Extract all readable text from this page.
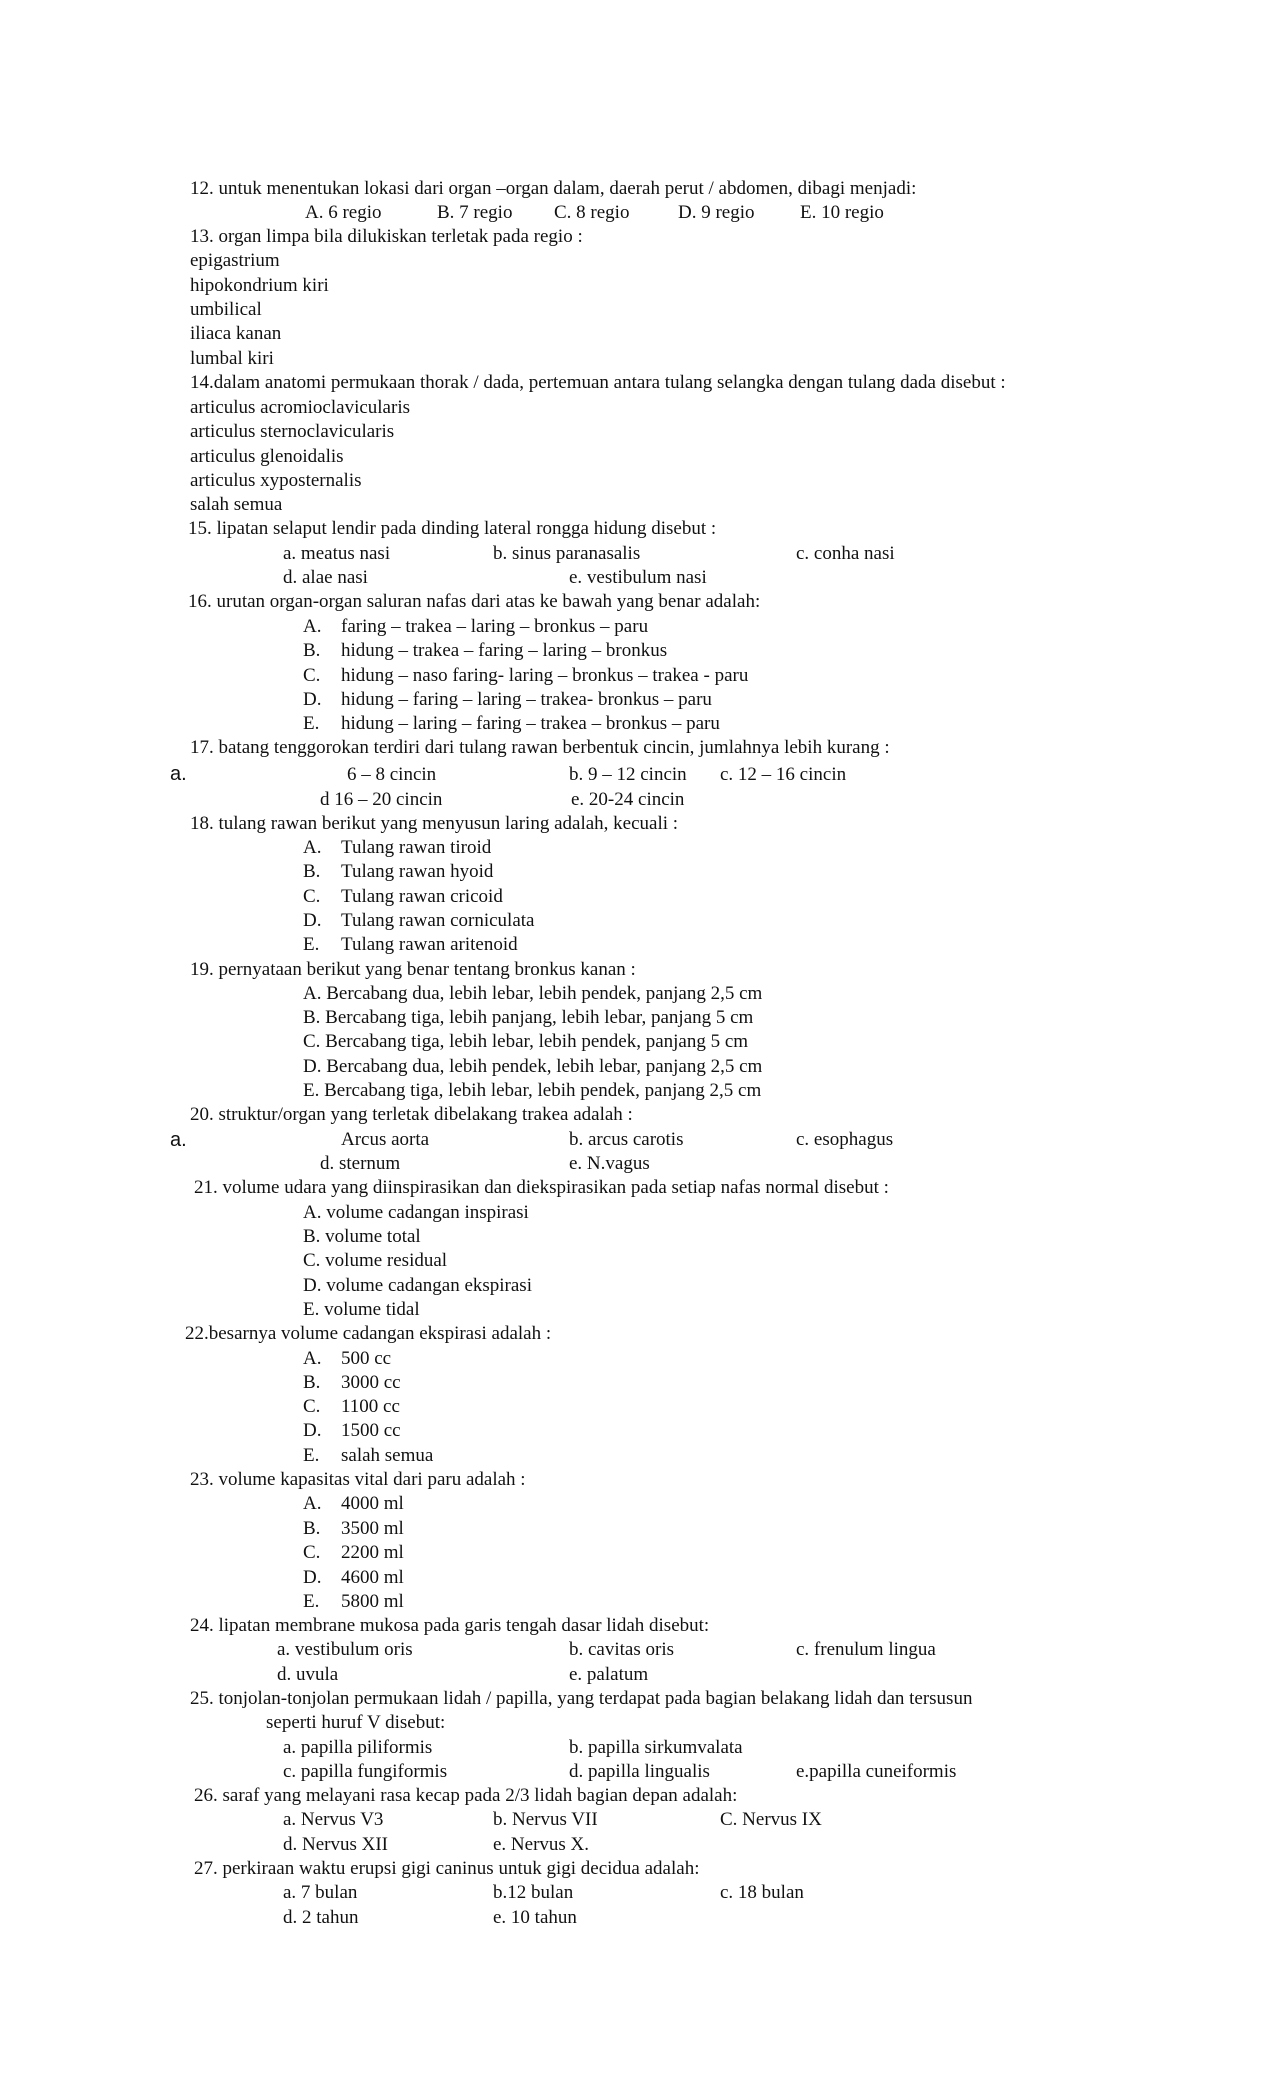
12. untuk menentukan lokasi dari organ –organ dalam, daerah perut / abdomen, dibagi menjadi:
A. 6 regio	B. 7 regio C. 8 regio	D. 9 regio E. 10 regio
13. organ limpa bila dilukiskan terletak pada regio :
epigastrium
hipokondrium kiri
umbilical
iliaca kanan
lumbal kiri
14.dalam anatomi permukaan thorak / dada, pertemuan antara tulang selangka dengan tulang dada disebut :
articulus acromioclavicularis
articulus sternoclavicularis
articulus glenoidalis
articulus xyposternalis
salah semua
15. lipatan selaput lendir pada dinding lateral rongga hidung disebut :
a. meatus nasi	b. sinus paranasalis	c. conha nasi
d. alae nasi	e. vestibulum nasi
16. urutan organ-organ saluran nafas dari atas ke bawah yang benar adalah:
A. faring – trakea – laring – bronkus – paru
B. hidung – trakea – faring – laring – bronkus
C. hidung – naso faring- laring – bronkus – trakea - paru
D. hidung – faring – laring – trakea- bronkus – paru
E. hidung – laring – faring – trakea – bronkus – paru
17. batang tenggorokan terdiri dari tulang rawan berbentuk cincin, jumlahnya lebih kurang :
a.	6 – 8 cincin	b. 9 – 12 cincin c. 12 – 16 cincin
d 16 – 20 cincin	e. 20-24 cincin
18. tulang rawan berikut yang menyusun laring adalah, kecuali :
A. Tulang rawan tiroid
B. Tulang rawan hyoid
C. Tulang rawan cricoid
D. Tulang rawan corniculata
E. Tulang rawan aritenoid
19. pernyataan berikut yang benar tentang bronkus kanan :
A. Bercabang dua, lebih lebar, lebih pendek, panjang 2,5 cm
B. Bercabang tiga, lebih panjang, lebih lebar, panjang 5 cm
C. Bercabang tiga, lebih lebar, lebih pendek, panjang 5 cm
D. Bercabang dua, lebih pendek, lebih lebar, panjang 2,5 cm
E. Bercabang tiga, lebih lebar, lebih pendek, panjang 2,5 cm
20. struktur/organ yang terletak dibelakang trakea adalah :
a.	Arcus aorta	b. arcus carotis	c. esophagus
d. sternum	e. N.vagus
21. volume udara yang diinspirasikan dan diekspirasikan pada setiap nafas normal disebut :
A. volume cadangan inspirasi
B. volume total
C. volume residual
D. volume cadangan ekspirasi
E. volume tidal
22.besarnya volume cadangan ekspirasi adalah :
A. 500 cc
B. 3000 cc
C. 1100 cc
D. 1500 cc
E. salah semua
23. volume kapasitas vital dari paru adalah :
A. 4000 ml
B. 3500 ml
C. 2200 ml
D. 4600 ml
E. 5800 ml
24. lipatan membrane mukosa pada garis tengah dasar lidah disebut:
a. vestibulum oris	b. cavitas oris	c. frenulum lingua
d. uvula	e. palatum
25. tonjolan-tonjolan permukaan lidah / papilla, yang terdapat pada bagian belakang lidah dan tersusun
seperti huruf V disebut:
a. papilla piliformis	b. papilla sirkumvalata
c. papilla fungiformis	d. papilla lingualis	e.papilla cuneiformis
26. saraf yang melayani rasa kecap pada 2/3 lidah bagian depan adalah:
a. Nervus V3	b. Nervus VII	C. Nervus IX
d. Nervus XII	e. Nervus X.
27. perkiraan waktu erupsi gigi caninus untuk gigi decidua adalah:
a. 7 bulan	b.12 bulan	c. 18 bulan
d. 2 tahun	e. 10 tahun
